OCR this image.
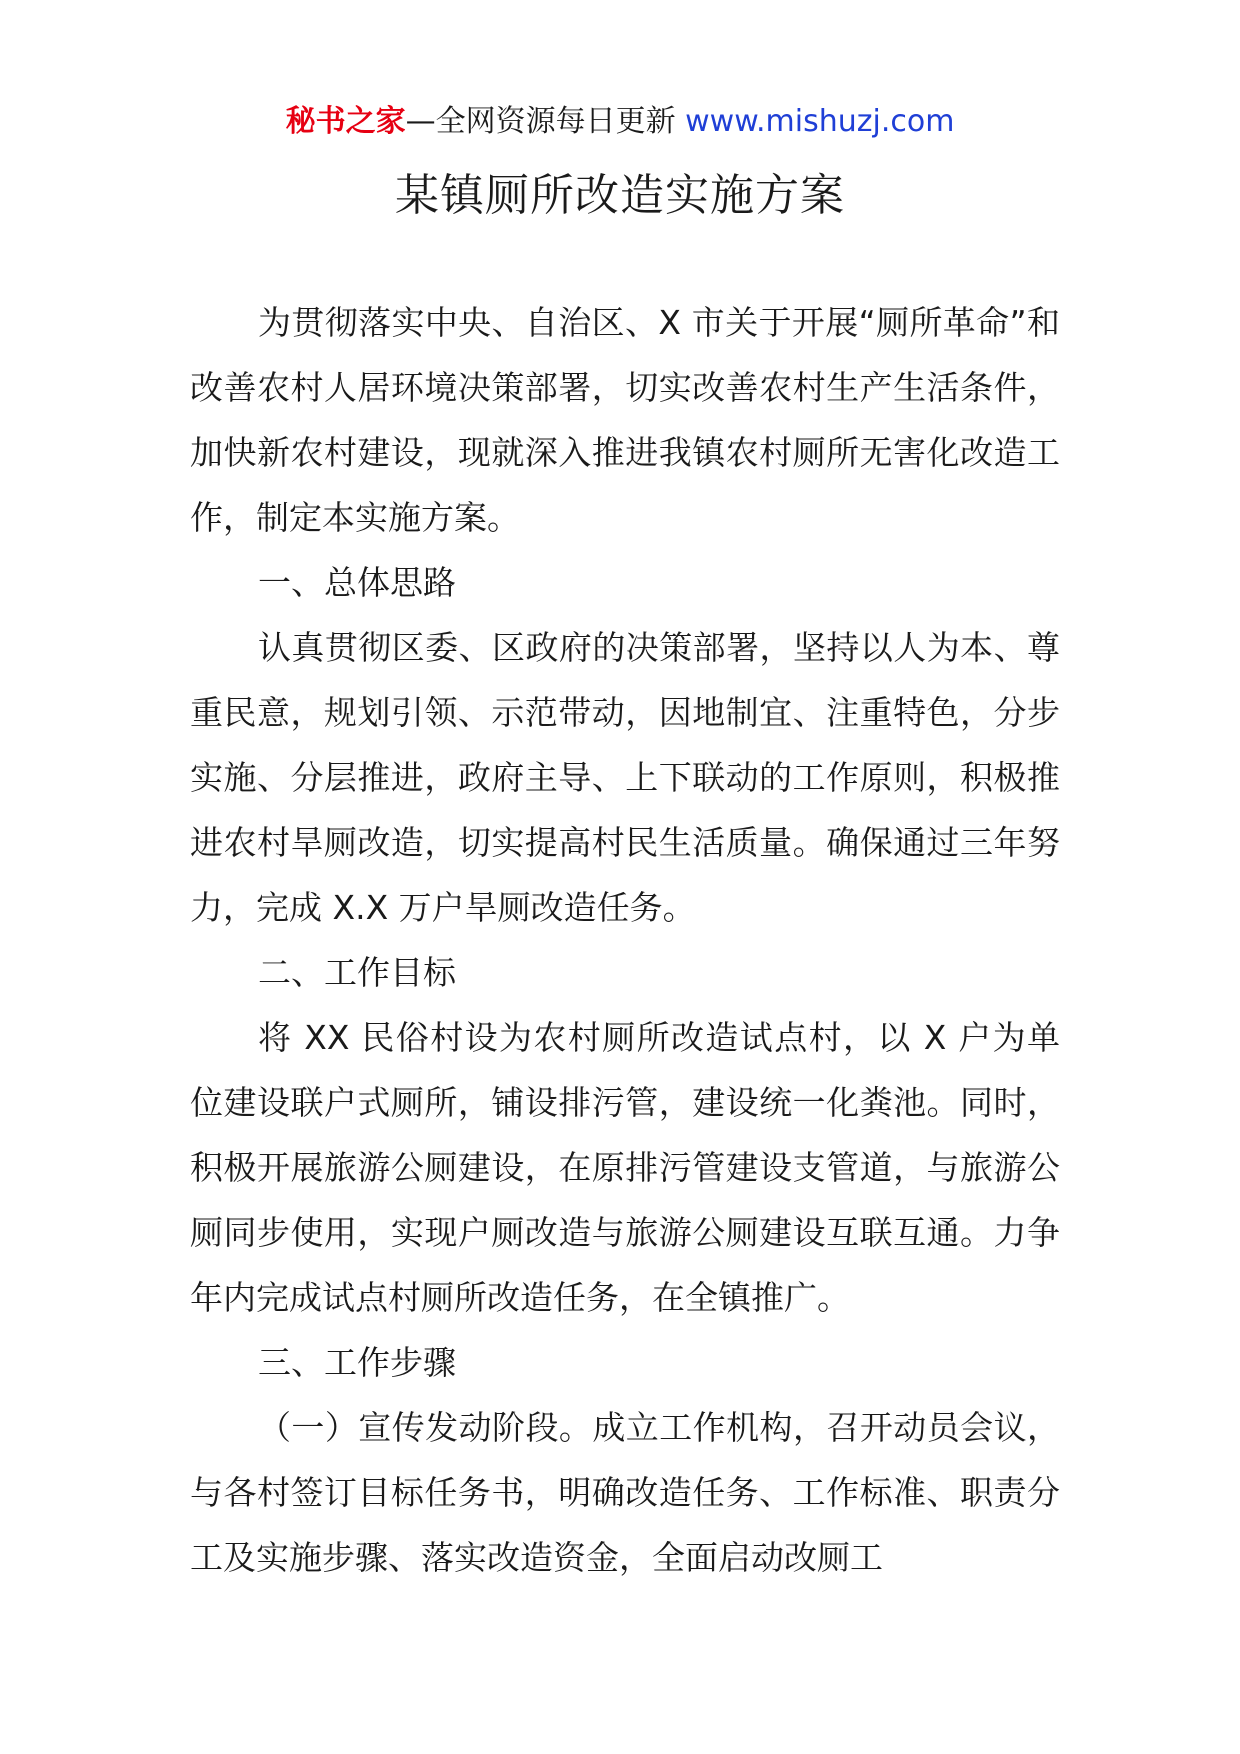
秘书之家—全网资源每日更新 www.mishuzj.com
某镇厕所改造实施方案

为贯彻落实中央、自治区、X 市关于开展“厕所革命”和改善农村人居环境决策部署，切实改善农村生产生活条件，加快新农村建设，现就深入推进我镇农村厕所无害化改造工作，制定本实施方案。

一、总体思路

认真贯彻区委、区政府的决策部署，坚持以人为本、尊重民意，规划引领、示范带动，因地制宜、注重特色，分步实施、分层推进，政府主导、上下联动的工作原则，积极推进农村旱厕改造，切实提高村民生活质量。确保通过三年努力，完成 X.X 万户旱厕改造任务。

二、工作目标

将 XX 民俗村设为农村厕所改造试点村，以 X 户为单位建设联户式厕所，铺设排污管，建设统一化粪池。同时，积极开展旅游公厕建设，在原排污管建设支管道，与旅游公厕同步使用，实现户厕改造与旅游公厕建设互联互通。力争年内完成试点村厕所改造任务，在全镇推广。

三、工作步骤

（一）宣传发动阶段。成立工作机构，召开动员会议，与各村签订目标任务书，明确改造任务、工作标准、职责分工及实施步骤、落实改造资金，全面启动改厕工
